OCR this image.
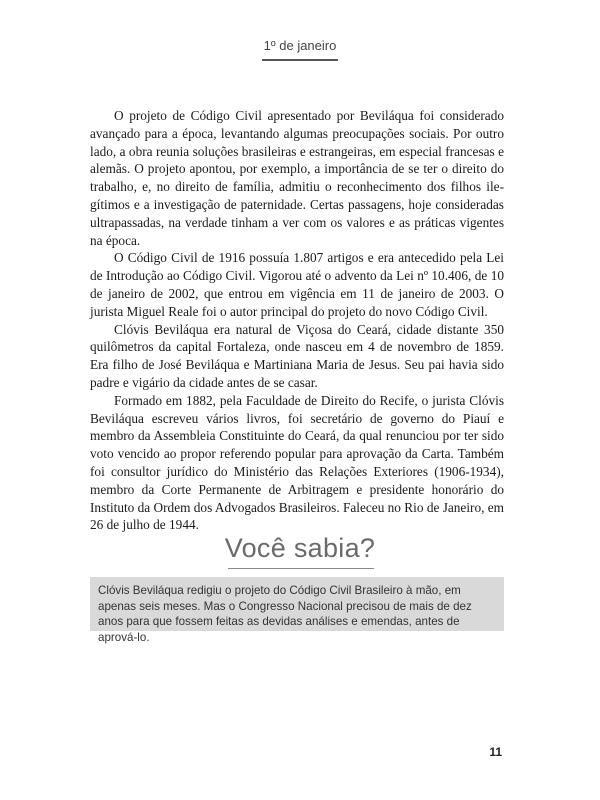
1º de janeiro

O projeto de Código Civil apresentado por Beviláqua foi considerado avançado para a época, levantando algumas preocupações sociais. Por outro lado, a obra reunia soluções brasileiras e estrangeiras, em especial francesas e alemãs. O projeto apontou, por exemplo, a importância de se ter o direito do trabalho, e, no direito de família, admitiu o reconhecimento dos filhos ilegítimos e a investigação de paternidade. Certas passagens, hoje consideradas ultrapassadas, na verdade tinham a ver com os valores e as práticas vigentes na época.

O Código Civil de 1916 possuía 1.807 artigos e era antecedido pela Lei de Introdução ao Código Civil. Vigorou até o advento da Lei nº 10.406, de 10 de janeiro de 2002, que entrou em vigência em 11 de janeiro de 2003. O jurista Miguel Reale foi o autor principal do projeto do novo Código Civil.

Clóvis Beviláqua era natural de Viçosa do Ceará, cidade distante 350 quilômetros da capital Fortaleza, onde nasceu em 4 de novembro de 1859. Era filho de José Beviláqua e Martiniana Maria de Jesus. Seu pai havia sido padre e vigário da cidade antes de se casar.

Formado em 1882, pela Faculdade de Direito do Recife, o jurista Clóvis Beviláqua escreveu vários livros, foi secretário de governo do Piauí e membro da Assembleia Constituinte do Ceará, da qual renunciou por ter sido voto vencido ao propor referendo popular para aprovação da Carta. Também foi consultor jurídico do Ministério das Relações Exteriores (1906-1934), membro da Corte Permanente de Arbitragem e presidente honorário do Instituto da Ordem dos Advogados Brasileiros. Faleceu no Rio de Janeiro, em 26 de julho de 1944.

Você sabia?
Clóvis Beviláqua redigiu o projeto do Código Civil Brasileiro à mão, em apenas seis meses. Mas o Congresso Nacional precisou de mais de dez anos para que fossem feitas as devidas análises e emendas, antes de aprová-lo.
11
